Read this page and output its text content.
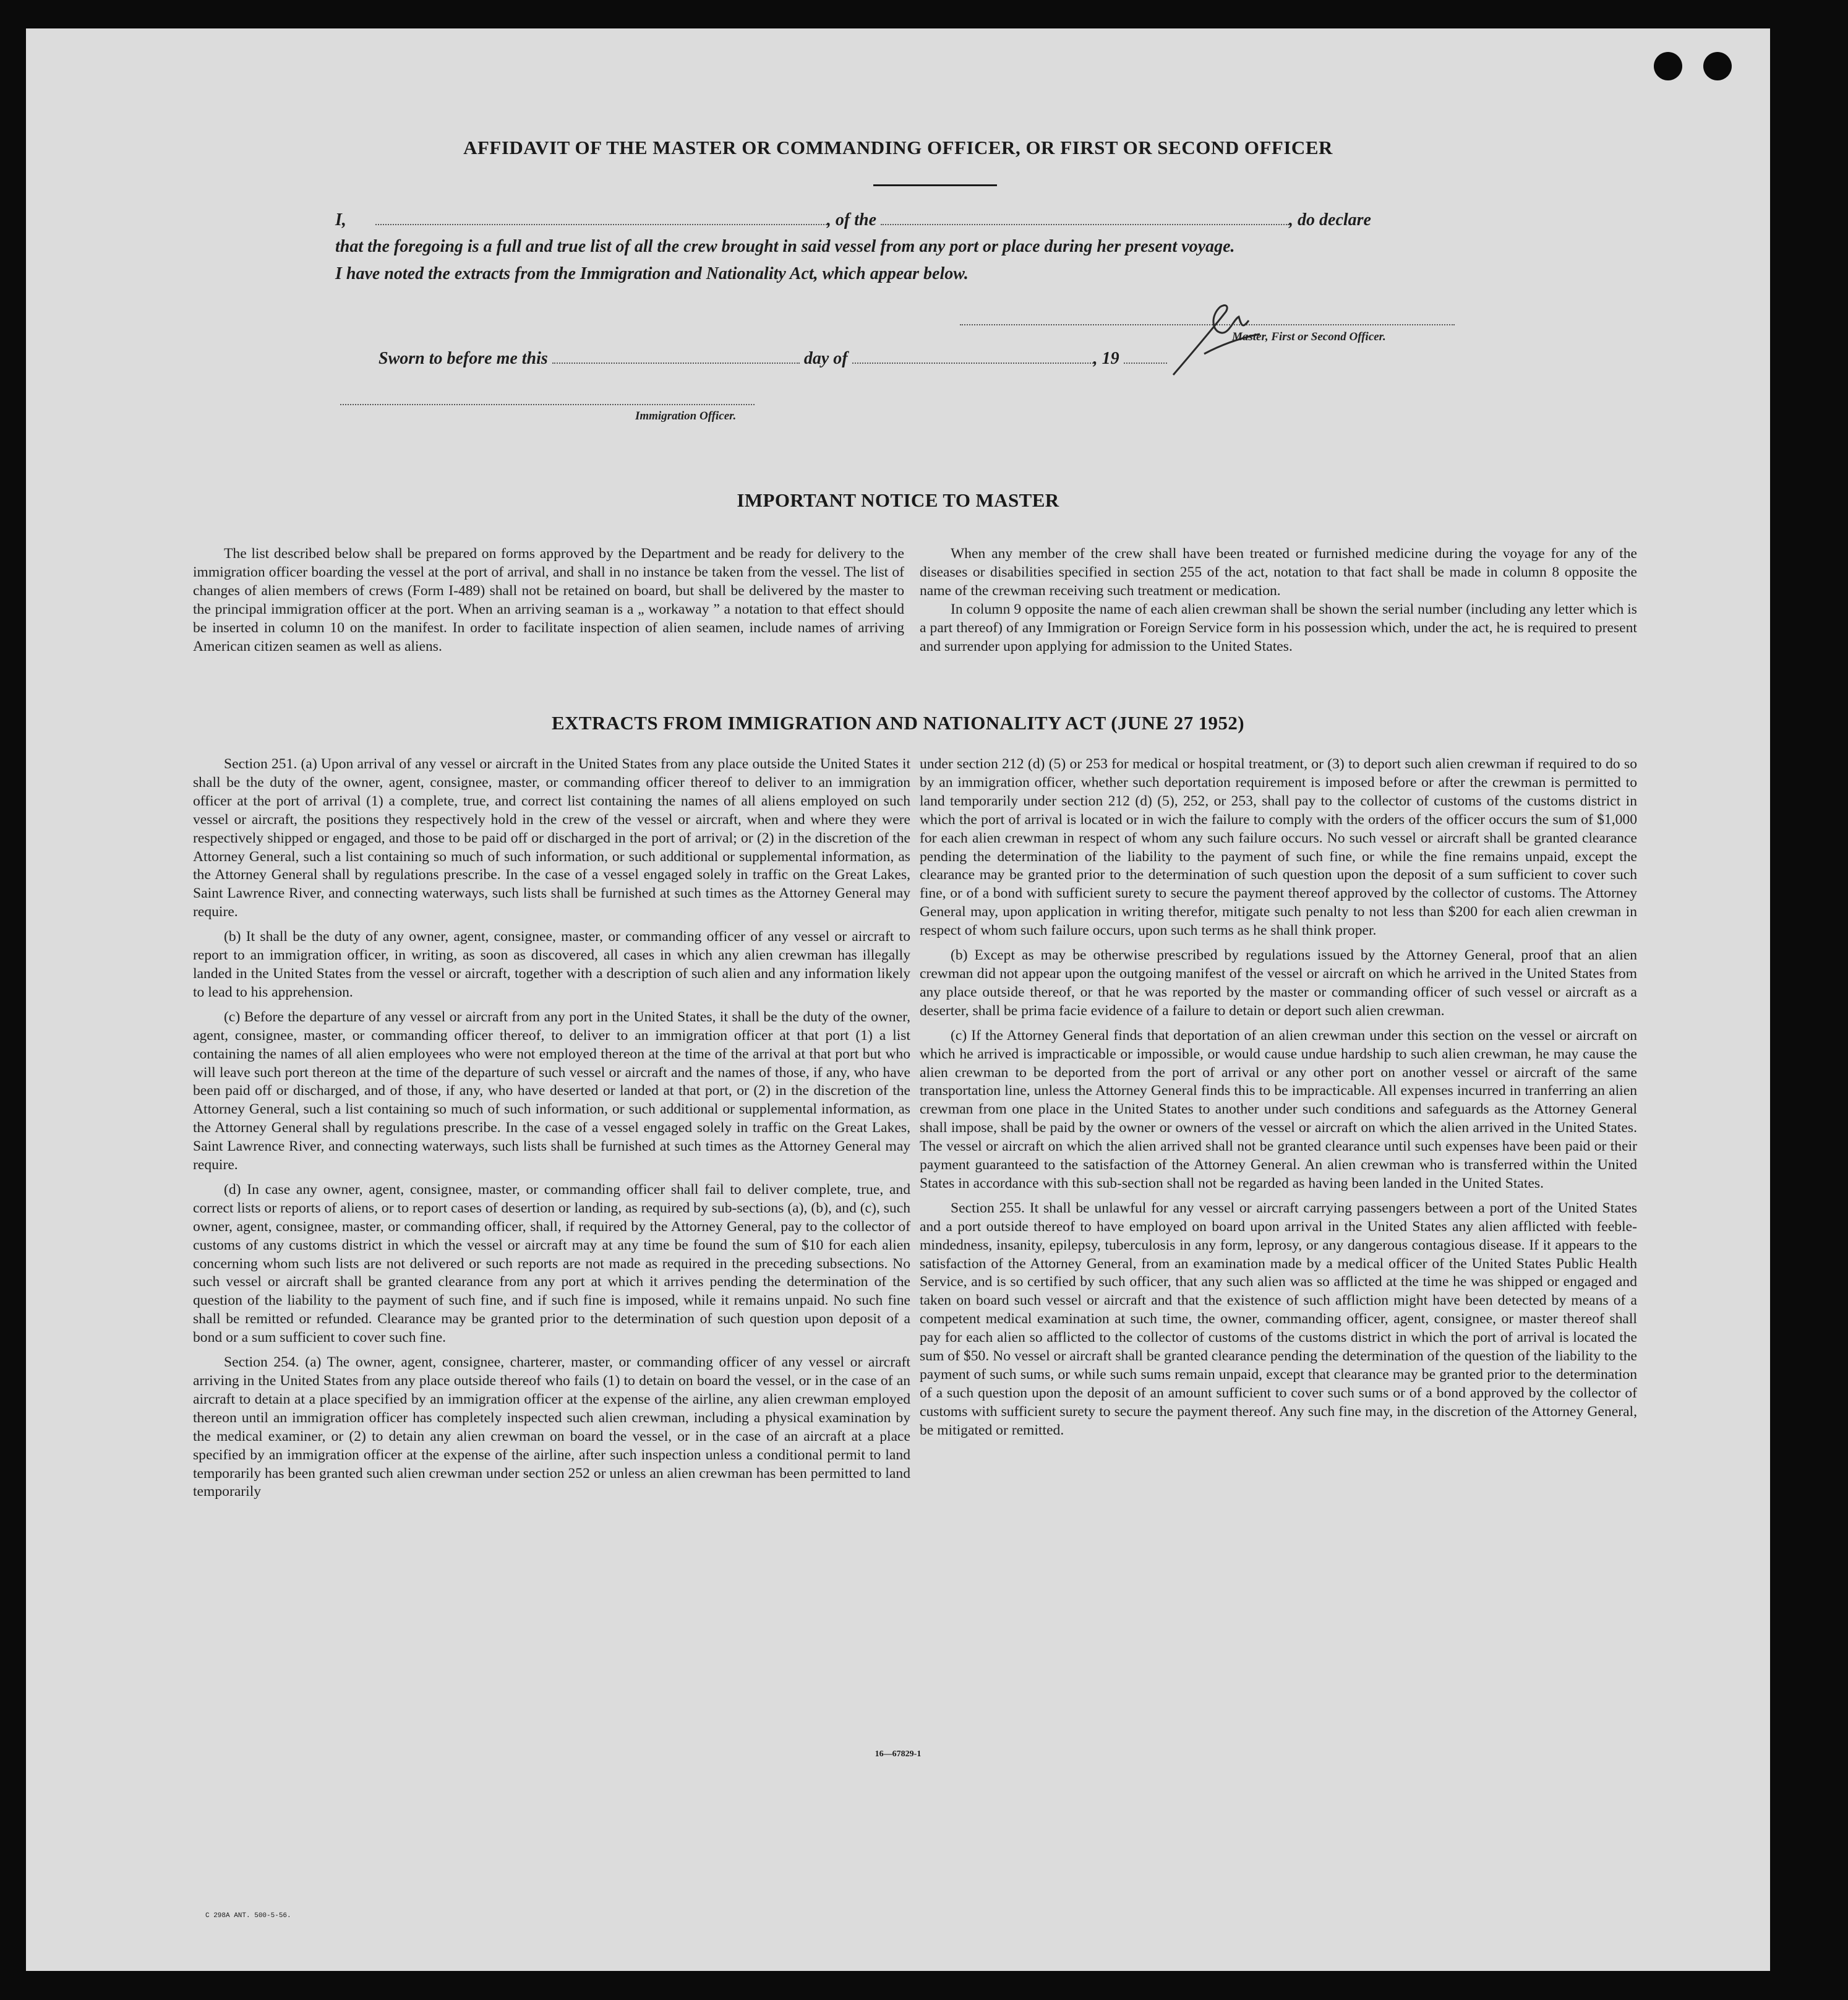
AFFIDAVIT OF THE MASTER OR COMMANDING OFFICER, OR FIRST OR SECOND OFFICER
I,	, of the	, do declare
that the foregoing is a full and true list of all the crew brought in said vessel from any port or place during her present voyage.
I have noted the extracts from the Immigration and Nationality Act, which appear below.
Master, First or Second Officer.
Sworn to before me this	day of	, 19
Immigration Officer.
IMPORTANT NOTICE TO MASTER

The list described below shall be prepared on forms approved by the Department and be ready for delivery to the immigration officer boarding the vessel at the port of arrival, and shall in no instance be taken from the vessel. The list of changes of alien members of crews (Form I-489) shall not be retained on board, but shall be delivered by the master to the principal immigration officer at the port. When an arriving seaman is a „ workaway ” a notation to that effect should be inserted in column 10 on the manifest. In order to facilitate inspection of alien seamen, include names of arriving American citizen seamen as well as aliens.

When any member of the crew shall have been treated or furnished medicine during the voyage for any of the diseases or disabilities specified in section 255 of the act, notation to that fact shall be made in column 8 opposite the name of the crewman receiving such treatment or medication.

In column 9 opposite the name of each alien crewman shall be shown the serial number (including any letter which is a part thereof) of any Immigration or Foreign Service form in his possession which, under the act, he is required to present and surrender upon applying for admission to the United States.

EXTRACTS FROM IMMIGRATION AND NATIONALITY ACT (JUNE 27 1952)

Section 251. (a) Upon arrival of any vessel or aircraft in the United States from any place outside the United States it shall be the duty of the owner, agent, consignee, master, or commanding officer thereof to deliver to an immigration officer at the port of arrival (1) a complete, true, and correct list containing the names of all aliens employed on such vessel or aircraft, the positions they respectively hold in the crew of the vessel or aircraft, when and where they were respectively shipped or engaged, and those to be paid off or discharged in the port of arrival; or (2) in the discretion of the Attorney General, such a list containing so much of such information, or such additional or supplemental information, as the Attorney General shall by regulations prescribe. In the case of a vessel engaged solely in traffic on the Great Lakes, Saint Lawrence River, and connecting waterways, such lists shall be furnished at such times as the Attorney General may require.

(b) It shall be the duty of any owner, agent, consignee, master, or commanding officer of any vessel or aircraft to report to an immigration officer, in writing, as soon as discovered, all cases in which any alien crewman has illegally landed in the United States from the vessel or aircraft, together with a description of such alien and any information likely to lead to his apprehension.

(c) Before the departure of any vessel or aircraft from any port in the United States, it shall be the duty of the owner, agent, consignee, master, or commanding officer thereof, to deliver to an immigration officer at that port (1) a list containing the names of all alien employees who were not employed thereon at the time of the arrival at that port but who will leave such port thereon at the time of the departure of such vessel or aircraft and the names of those, if any, who have been paid off or discharged, and of those, if any, who have deserted or landed at that port, or (2) in the discretion of the Attorney General, such a list containing so much of such information, or such additional or supplemental information, as the Attorney General shall by regulations prescribe. In the case of a vessel engaged solely in traffic on the Great Lakes, Saint Lawrence River, and connecting waterways, such lists shall be furnished at such times as the Attorney General may require.

(d) In case any owner, agent, consignee, master, or commanding officer shall fail to deliver complete, true, and correct lists or reports of aliens, or to report cases of desertion or landing, as required by sub-sections (a), (b), and (c), such owner, agent, consignee, master, or commanding officer, shall, if required by the Attorney General, pay to the collector of customs of any customs district in which the vessel or aircraft may at any time be found the sum of $10 for each alien concerning whom such lists are not delivered or such reports are not made as required in the preceding subsections. No such vessel or aircraft shall be granted clearance from any port at which it arrives pending the determination of the question of the liability to the payment of such fine, and if such fine is imposed, while it remains unpaid. No such fine shall be remitted or refunded. Clearance may be granted prior to the determination of such question upon deposit of a bond or a sum sufficient to cover such fine.

Section 254. (a) The owner, agent, consignee, charterer, master, or commanding officer of any vessel or aircraft arriving in the United States from any place outside thereof who fails (1) to detain on board the vessel, or in the case of an aircraft to detain at a place specified by an immigration officer at the expense of the airline, any alien crewman employed thereon until an immigration officer has completely inspected such alien crewman, including a physical examination by the medical examiner, or (2) to detain any alien crewman on board the vessel, or in the case of an aircraft at a place specified by an immigration officer at the expense of the airline, after such inspection unless a conditional permit to land temporarily has been granted such alien crewman under section 252 or unless an alien crewman has been permitted to land temporarily

under section 212 (d) (5) or 253 for medical or hospital treatment, or (3) to deport such alien crewman if required to do so by an immigration officer, whether such deportation requirement is imposed before or after the crewman is permitted to land temporarily under section 212 (d) (5), 252, or 253, shall pay to the collector of customs of the customs district in which the port of arrival is located or in wich the failure to comply with the orders of the officer occurs the sum of $1,000 for each alien crewman in respect of whom any such failure occurs. No such vessel or aircraft shall be granted clearance pending the determination of the liability to the payment of such fine, or while the fine remains unpaid, except the clearance may be granted prior to the determination of such question upon the deposit of a sum sufficient to cover such fine, or of a bond with sufficient surety to secure the payment thereof approved by the collector of customs. The Attorney General may, upon application in writing therefor, mitigate such penalty to not less than $200 for each alien crewman in respect of whom such failure occurs, upon such terms as he shall think proper.

(b) Except as may be otherwise prescribed by regulations issued by the Attorney General, proof that an alien crewman did not appear upon the outgoing manifest of the vessel or aircraft on which he arrived in the United States from any place outside thereof, or that he was reported by the master or commanding officer of such vessel or aircraft as a deserter, shall be prima facie evidence of a failure to detain or deport such alien crewman.

(c) If the Attorney General finds that deportation of an alien crewman under this section on the vessel or aircraft on which he arrived is impracticable or impossible, or would cause undue hardship to such alien crewman, he may cause the alien crewman to be deported from the port of arrival or any other port on another vessel or aircraft of the same transportation line, unless the Attorney General finds this to be impracticable. All expenses incurred in tranferring an alien crewman from one place in the United States to another under such conditions and safeguards as the Attorney General shall impose, shall be paid by the owner or owners of the vessel or aircraft on which the alien arrived in the United States. The vessel or aircraft on which the alien arrived shall not be granted clearance until such expenses have been paid or their payment guaranteed to the satisfaction of the Attorney General. An alien crewman who is transferred within the United States in accordance with this sub-section shall not be regarded as having been landed in the United States.

Section 255. It shall be unlawful for any vessel or aircraft carrying passengers between a port of the United States and a port outside thereof to have employed on board upon arrival in the United States any alien afflicted with feeble-mindedness, insanity, epilepsy, tuberculosis in any form, leprosy, or any dangerous contagious disease. If it appears to the satisfaction of the Attorney General, from an examination made by a medical officer of the United States Public Health Service, and is so certified by such officer, that any such alien was so afflicted at the time he was shipped or engaged and taken on board such vessel or aircraft and that the existence of such affliction might have been detected by means of a competent medical examination at such time, the owner, commanding officer, agent, consignee, or master thereof shall pay for each alien so afflicted to the collector of customs of the customs district in which the port of arrival is located the sum of $50. No vessel or aircraft shall be granted clearance pending the determination of the question of the liability to the payment of such sums, or while such sums remain unpaid, except that clearance may be granted prior to the determination of a such question upon the deposit of an amount sufficient to cover such sums or of a bond approved by the collector of customs with sufficient surety to secure the payment thereof. Any such fine may, in the discretion of the Attorney General, be mitigated or remitted.

16—67829-1
C 298A ANT. 500-5-56.
